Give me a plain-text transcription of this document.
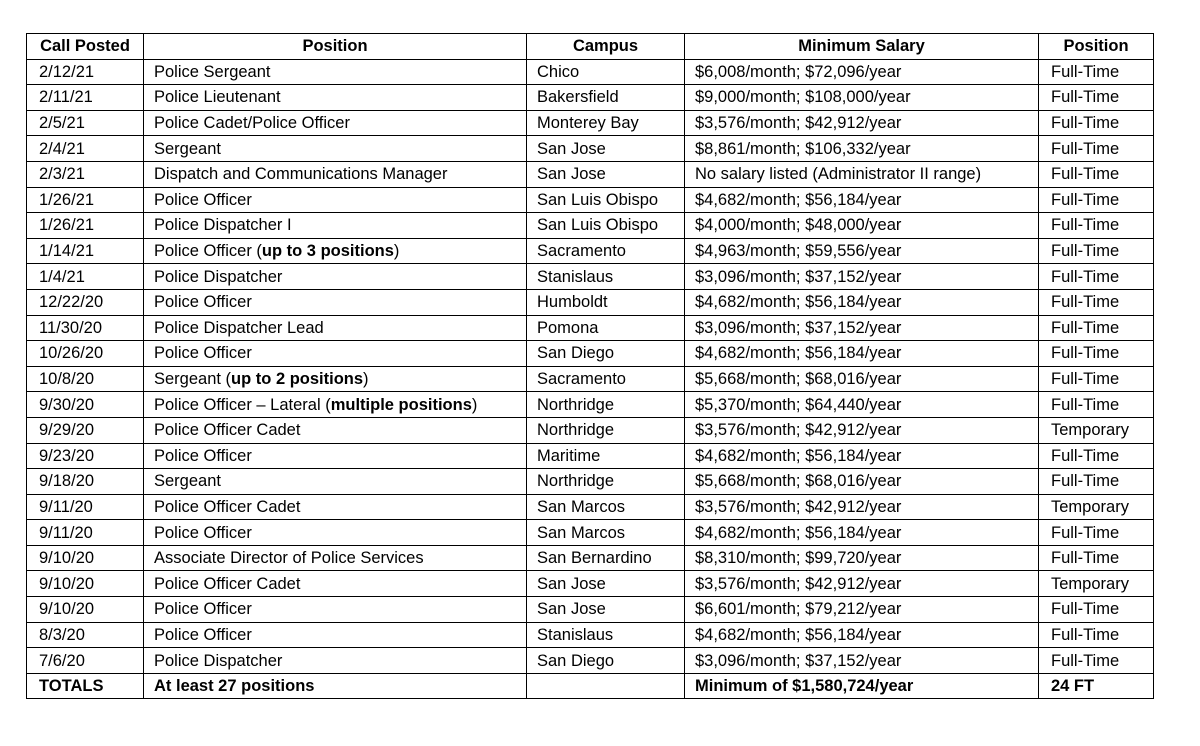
Call Posted	Position	Campus	Minimum Salary	Position
2/12/21	Police Sergeant	Chico	$6,008/month; $72,096/year	Full-Time
2/11/21	Police Lieutenant	Bakersfield	$9,000/month; $108,000/year	Full-Time
2/5/21	Police Cadet/Police Officer	Monterey Bay	$3,576/month; $42,912/year	Full-Time
2/4/21	Sergeant	San Jose	$8,861/month; $106,332/year	Full-Time
2/3/21	Dispatch and Communications Manager	San Jose	No salary listed (Administrator II range)	Full-Time
1/26/21	Police Officer	San Luis Obispo	$4,682/month; $56,184/year	Full-Time
1/26/21	Police Dispatcher I	San Luis Obispo	$4,000/month; $48,000/year	Full-Time
1/14/21	Police Officer (up to 3 positions)	Sacramento	$4,963/month; $59,556/year	Full-Time
1/4/21	Police Dispatcher	Stanislaus	$3,096/month; $37,152/year	Full-Time
12/22/20	Police Officer	Humboldt	$4,682/month; $56,184/year	Full-Time
11/30/20	Police Dispatcher Lead	Pomona	$3,096/month; $37,152/year	Full-Time
10/26/20	Police Officer	San Diego	$4,682/month; $56,184/year	Full-Time
10/8/20	Sergeant (up to 2 positions)	Sacramento	$5,668/month; $68,016/year	Full-Time
9/30/20	Police Officer – Lateral (multiple positions)	Northridge	$5,370/month; $64,440/year	Full-Time
9/29/20	Police Officer Cadet	Northridge	$3,576/month; $42,912/year	Temporary
9/23/20	Police Officer	Maritime	$4,682/month; $56,184/year	Full-Time
9/18/20	Sergeant	Northridge	$5,668/month; $68,016/year	Full-Time
9/11/20	Police Officer Cadet	San Marcos	$3,576/month; $42,912/year	Temporary
9/11/20	Police Officer	San Marcos	$4,682/month; $56,184/year	Full-Time
9/10/20	Associate Director of Police Services	San Bernardino	$8,310/month; $99,720/year	Full-Time
9/10/20	Police Officer Cadet	San Jose	$3,576/month; $42,912/year	Temporary
9/10/20	Police Officer	San Jose	$6,601/month; $79,212/year	Full-Time
8/3/20	Police Officer	Stanislaus	$4,682/month; $56,184/year	Full-Time
7/6/20	Police Dispatcher	San Diego	$3,096/month; $37,152/year	Full-Time
TOTALS	At least 27 positions		Minimum of $1,580,724/year	24 FT
